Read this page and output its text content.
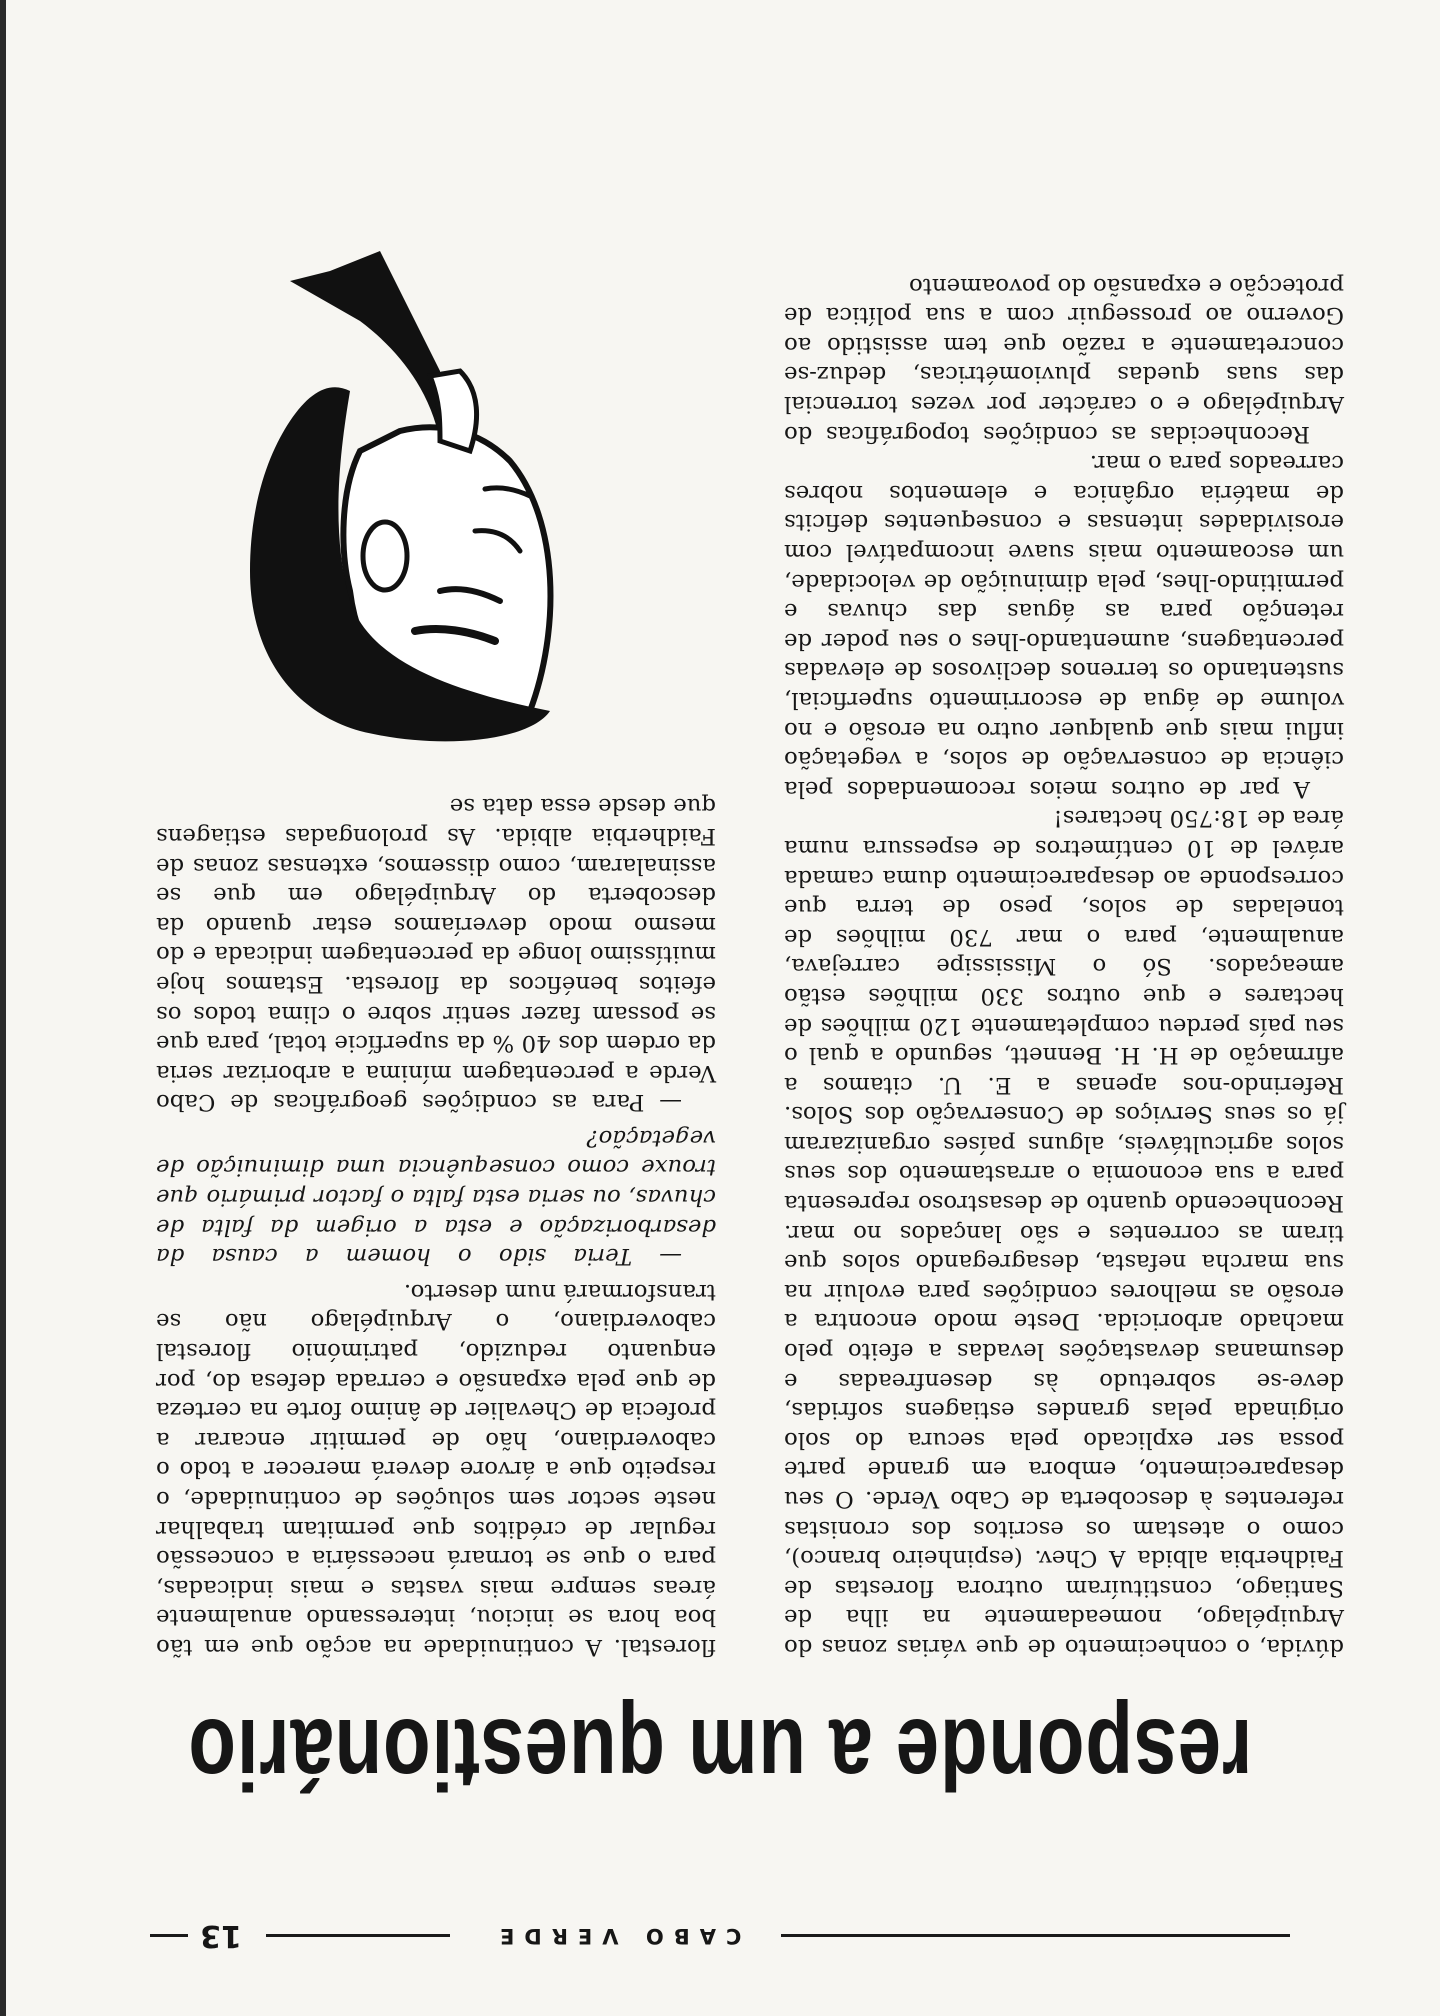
CABO VERDE
13
responde a um questionário

dúvida, o conhecimento de que várias zonas do Arquipélago, nomeadamente na ilha de Santiago, constituíram outrora florestas de Faidherbia albida A Chev. (espinheiro branco), como o atestam os escritos dos cronistas referentes à descoberta de Cabo Verde. O seu desaparecimento, embora em grande parte possa ser explicado pela secura do solo originada pelas grandes estiagens sofridas, deve-se sobretudo às desenfreadas e desumanas devastações levadas a efeito pelo machado arboricida. Deste modo encontra a erosão as melhores condições para evoluir na sua marcha nefasta, desagregando solos que tiram as correntes e são lançados no mar. Reconhecendo quanto de desastroso representa para a sua economia o arrastamento dos seus solos agricultáveis, alguns países organizaram já os seus Serviços de Conservação dos Solos. Referindo-nos apenas a E. U. citamos a afirmação de H. H. Bennett, segundo a qual o seu país perdeu completamente 120 milhões de hectares e que outros 330 milhões estão ameaçados. Só o Mississipe carrejava, anualmente, para o mar 730 milhões de toneladas de solos, peso de terra que corresponde ao desaparecimento duma camada arável de 10 centímetros de espessura numa área de 18:750 hectares!

A par de outros meios recomendados pela ciência de conservação de solos, a vegetação influi mais que qualquer outro na erosão e no volume de água de escorrimento superficial, sustentando os terrenos declivosos de elevadas percentagens, aumentando-lhes o seu poder de retenção para as águas das chuvas e permitindo-lhes, pela diminuição de velocidade, um escoamento mais suave incompatível com erosividades intensas e consequentes deficits de matéria orgânica e elementos nobres carreados para o mar.

Reconhecidas as condições topográficas do Arquipélago e o carácter por vezes torrencial das suas quedas pluviométricas, deduz-se concretamente a razão que tem assistido ao Governo ao prosseguir com a sua política de protecção e expansão do povoamento

florestal. A continuidade na acção que em tão boa hora se iniciou, interessando anualmente áreas sempre mais vastas e mais indicadas, para o que se tornará necessária a concessão regular de créditos que permitam trabalhar neste sector sem soluções de continuidade, o respeito que a árvore deverá merecer a todo o caboverdiano, hão de permitir encarar a profecia de Chevalier de ânimo forte na certeza de que pela expansão e cerrada defesa do, por enquanto reduzido, património florestal caboverdiano, o Arquipélago não se transformará num deserto.

— Teria sido o homem a causa da desarborização e esta a origem da falta de chuvas, ou seria esta falta o factor primário que trouxe como consequência uma diminuição de vegetação?

— Para as condições geográficas de Cabo Verde a percentagem mínima a arborizar seria da ordem dos 40 % da superfície total, para que se possam fazer sentir sobre o clima todos os efeitos benéficos da floresta. Estamos hoje muitíssimo longe da percentagem indicada e do mesmo modo deveríamos estar quando da descoberta do Arquipélago em que se assinalaram, como dissemos, extensas zonas de Faidherbia albida. As prolongadas estiagens que desde essa data se
